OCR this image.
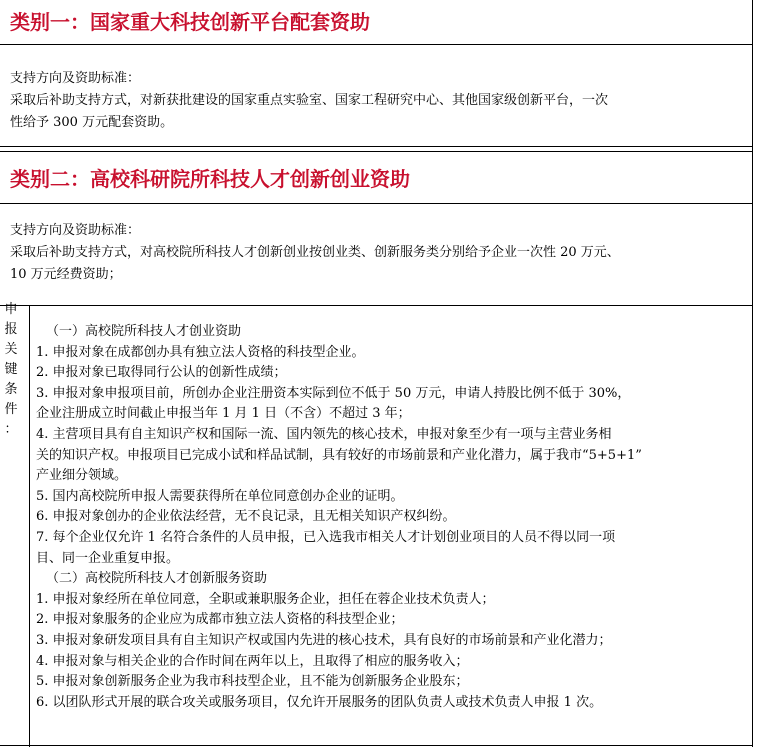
类别一：国家重大科技创新平台配套资助

支持方向及资助标准：

采取后补助支持方式，对新获批建设的国家重点实验室、国家工程研究中心、其他国家级创新平台，一次

性给予 300 万元配套资助。

类别二：高校科研院所科技人才创新创业资助

支持方向及资助标准：

采取后补助支持方式，对高校院所科技人才创新创业按创业类、创新服务类分别给予企业一次性 20 万元、

10 万元经费资助；

申
报
关
键
条
件
：
（一）高校院所科技人才创业资助
1. 申报对象在成都创办具有独立法人资格的科技型企业。
2. 申报对象已取得同行公认的创新性成绩；
3. 申报对象申报项目前，所创办企业注册资本实际到位不低于 50 万元，申请人持股比例不低于 30%，
企业注册成立时间截止申报当年 1 月 1 日（不含）不超过 3 年；
4. 主营项目具有自主知识产权和国际一流、国内领先的核心技术，申报对象至少有一项与主营业务相
关的知识产权。申报项目已完成小试和样品试制，具有较好的市场前景和产业化潜力，属于我市“5+5+1”
产业细分领域。
5. 国内高校院所申报人需要获得所在单位同意创办企业的证明。
6. 申报对象创办的企业依法经营，无不良记录，且无相关知识产权纠纷。
7. 每个企业仅允许 1 名符合条件的人员申报，已入选我市相关人才计划创业项目的人员不得以同一项
目、同一企业重复申报。
（二）高校院所科技人才创新服务资助
1. 申报对象经所在单位同意，全职或兼职服务企业，担任在蓉企业技术负责人；
2. 申报对象服务的企业应为成都市独立法人资格的科技型企业；
3. 申报对象研发项目具有自主知识产权或国内先进的核心技术，具有良好的市场前景和产业化潜力；
4. 申报对象与相关企业的合作时间在两年以上，且取得了相应的服务收入；
5. 申报对象创新服务企业为我市科技型企业，且不能为创新服务企业股东；
6. 以团队形式开展的联合攻关或服务项目，仅允许开展服务的团队负责人或技术负责人申报 1 次。
